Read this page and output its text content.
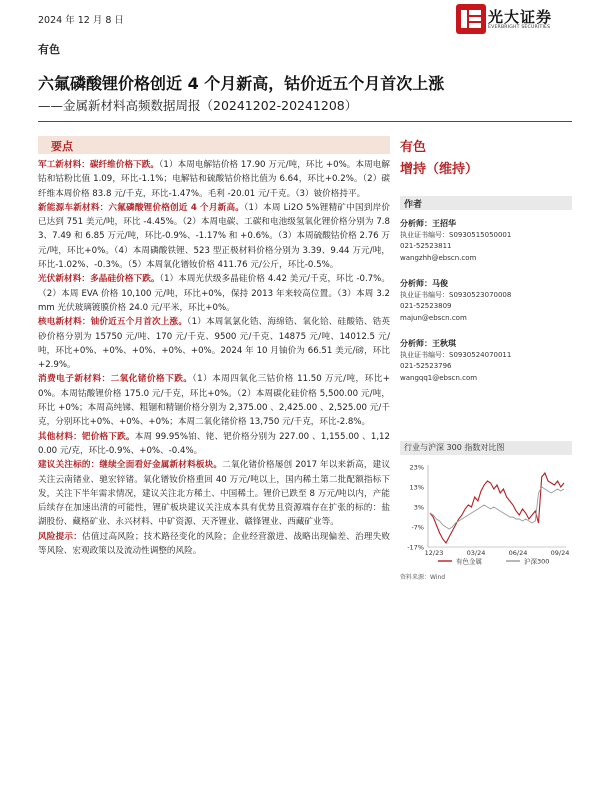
2024 年 12 月 8 日	光大证券
EVERBRIGHT SECURITIES
有色
六氟磷酸锂价格创近 4 个月新高，钴价近五个月首次上涨
——金属新材料高频数据周报（20241202-20241208）
要点

军工新材料：碳纤维价格下跌。（1）本周电解钴价格 17.90 万元/吨，环比 +0%。本周电解钴和钴粉比值 1.09，环比-1.1%；电解钴和硫酸钴价格比值为 6.64，环比+0.2%。（2）碳纤维本周价格 83.8 元/千克，环比-1.47%。毛利 -20.01 元/千克。（3）铍价格持平。

新能源车新材料：六氟磷酸锂价格创近 4 个月新高。（1）本周 Li2O 5%锂精矿中国到岸价已达到 751 美元/吨，环比 -4.45%。（2）本周电碳、工碳和电池级氢氧化锂价格分别为 7.83、7.49 和 6.85 万元/吨，环比-0.9%、-1.17% 和 +0.6%。（3）本周硫酸钴价格 2.76 万元/吨，环比+0%。（4）本周磷酸铁锂、523 型正极材料价格分别为 3.39、9.44 万元/吨，环比-1.02%、-0.3%。（5）本周氧化镨钕价格 411.76 元/公斤，环比-0.5%。

光伏新材料：多晶硅价格下跌。（1）本周光伏级多晶硅价格 4.42 美元/千克，环比 -0.7%。（2）本周 EVA 价格 10,100 元/吨，环比+0%，保持 2013 年来较高位置。（3）本周 3.2mm 光伏玻璃镀膜价格 24.0 元/平米，环比+0%。

核电新材料：铀价近五个月首次上涨。（1）本周氧氯化锆、海绵锆、氧化铪、硅酸锆、锆英砂价格分别为 15750 元/吨、170 元/千克、9500 元/千克、14875 元/吨、14012.5 元/吨，环比+0%、+0%、+0%、+0%、+0%。2024 年 10 月铀价为 66.51 美元/磅，环比+2.9%。

消费电子新材料：二氧化锗价格下跌。（1）本周四氧化三钴价格 11.50 万元/吨，环比+0%。本周钴酸锂价格 175.0 元/千克，环比+0%。（2）本周碳化硅价格 5,500.00 元/吨，环比 +0%；本周高纯锑、粗锢和精锢价格分别为 2,375.00 、2,425.00 、2,525.00 元/千克，分别环比+0%、+0%、+0%；本周二氧化锗价格 13,750 元/千克，环比-2.8%。

其他材料：钯价格下跌。本周 99.95%铂、铑、钯价格分别为 227.00 、1,155.00 、1,120.00 元/克，环比-0.9%、+0%、-0.4%。

建议关注标的：继续全面看好金属新材料板块。二氧化锗价格屡创 2017 年以来新高，建议关注云南锗业、驰宏锌锗。氧化镨钕价格重回 40 万元/吨以上，国内稀土第二批配额指标下发，关注下半年需求情况，建议关注北方稀土、中国稀土。锂价已跌至 8 万元/吨以内，产能后续存在加速出清的可能性，锂矿板块建议关注成本具有优势且资源端存在扩张的标的：盐湖股份、藏格矿业、永兴材料、中矿资源、天齐锂业、赣锋锂业、西藏矿业等。

风险提示：估值过高风险；技术路径变化的风险；企业经营激进、战略出现偏差、治理失败等风险、宏观政策以及流动性调整的风险。

有色
增持（维持）
作者
分析师：王招华
执业证书编号：S0930515050001
021-52523811
wangzhh@ebscn.com
分析师：马俊
执业证书编号：S0930523070008
021-52523809
majun@ebscn.com
分析师：王秋琪
执业证书编号：S0930524070011
021-52523796
wangqq1@ebscn.com
行业与沪深 300 指数对比图
23%
13%
3%
-7%
-17%
12/23	03/24	06/24	09/24
有色金属	沪深300
资料来源：Wind
